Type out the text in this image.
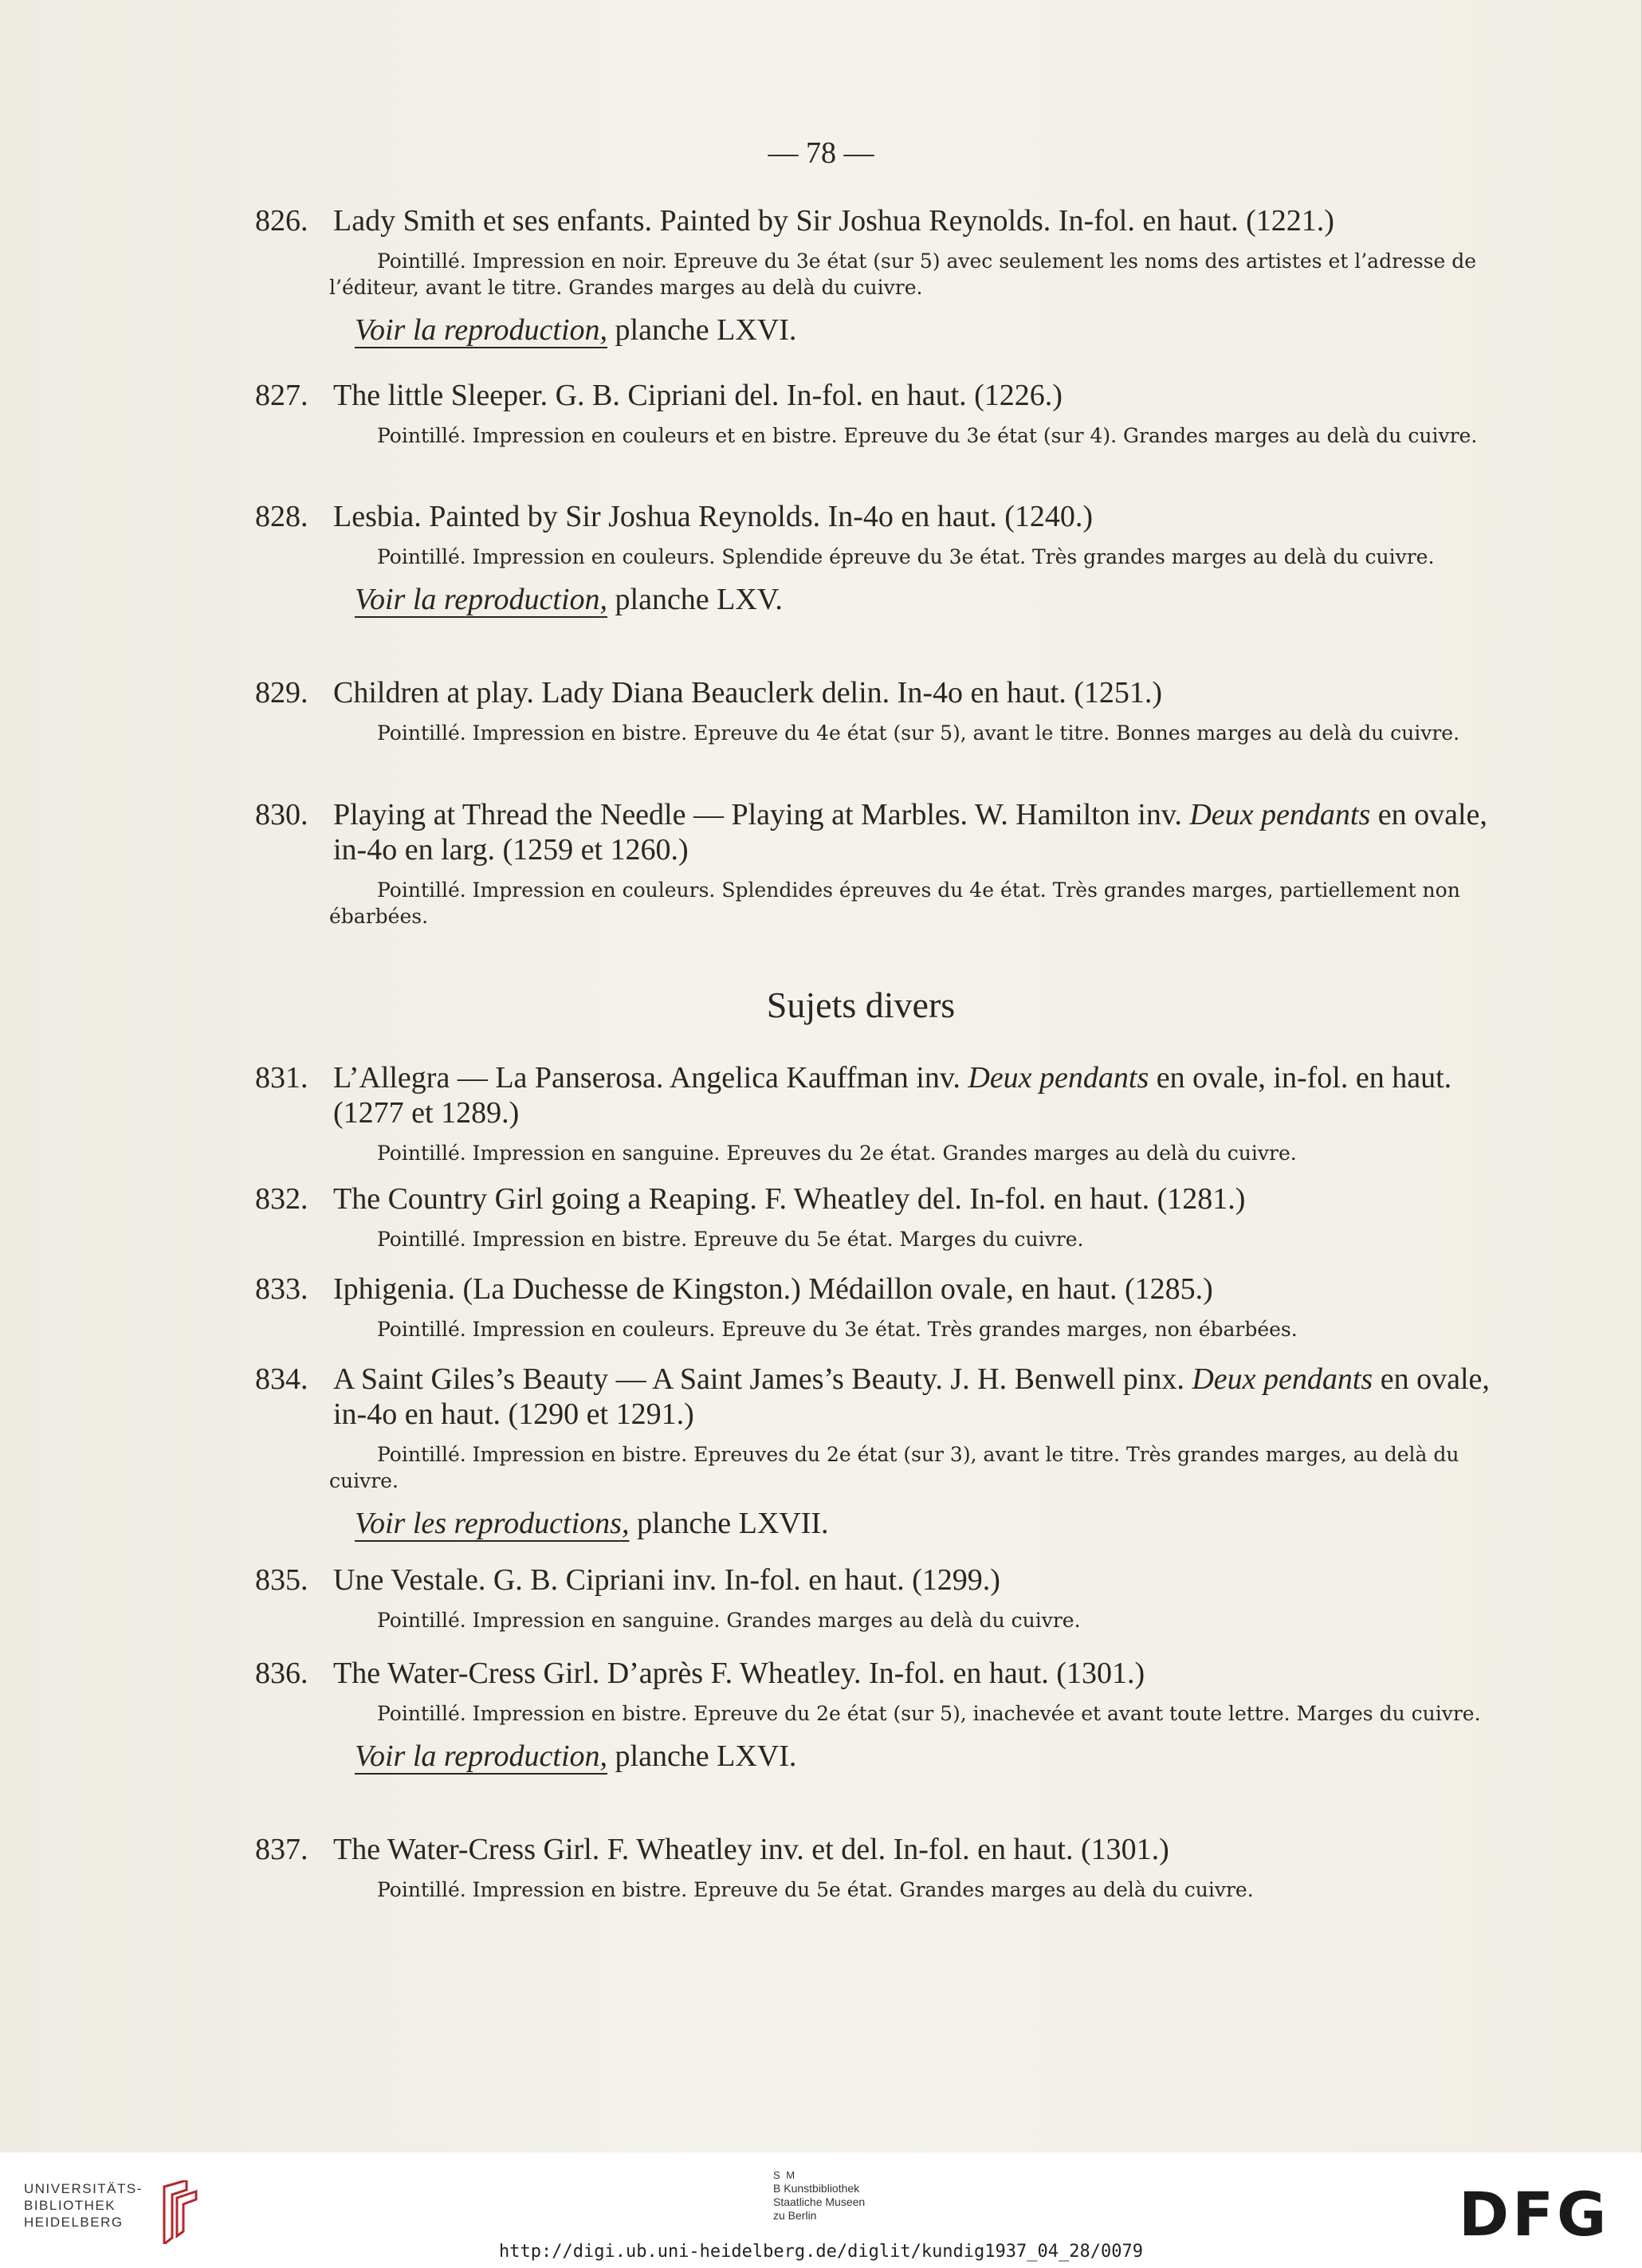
— 78 —
826. Lady Smith et ses enfants. Painted by Sir Joshua Reynolds. In-fol. en haut. (1221.)
Pointillé. Impression en noir. Epreuve du 3e état (sur 5) avec seulement les noms des artistes et l’adresse de l’éditeur, avant le titre. Grandes marges au delà du cuivre.
Voir la reproduction, planche LXVI.
827. The little Sleeper. G. B. Cipriani del. In-fol. en haut. (1226.)
Pointillé. Impression en couleurs et en bistre. Epreuve du 3e état (sur 4). Grandes marges au delà du cuivre.
828. Lesbia. Painted by Sir Joshua Reynolds. In-4o en haut. (1240.)
Pointillé. Impression en couleurs. Splendide épreuve du 3e état. Très grandes marges au delà du cuivre.
Voir la reproduction, planche LXV.
829. Children at play. Lady Diana Beauclerk delin. In-4o en haut. (1251.)
Pointillé. Impression en bistre. Epreuve du 4e état (sur 5), avant le titre. Bonnes marges au delà du cuivre.
830. Playing at Thread the Needle — Playing at Marbles. W. Hamilton inv. Deux pendants en ovale, in-4o en larg. (1259 et 1260.)
Pointillé. Impression en couleurs. Splendides épreuves du 4e état. Très grandes marges, partiellement non ébarbées.
Sujets divers
831. L’Allegra — La Panserosa. Angelica Kauffman inv. Deux pendants en ovale, in-fol. en haut. (1277 et 1289.)
Pointillé. Impression en sanguine. Epreuves du 2e état. Grandes marges au delà du cuivre.
832. The Country Girl going a Reaping. F. Wheatley del. In-fol. en haut. (1281.)
Pointillé. Impression en bistre. Epreuve du 5e état. Marges du cuivre.
833. Iphigenia. (La Duchesse de Kingston.) Médaillon ovale, en haut. (1285.)
Pointillé. Impression en couleurs. Epreuve du 3e état. Très grandes marges, non ébarbées.
834. A Saint Giles’s Beauty — A Saint James’s Beauty. J. H. Benwell pinx. Deux pendants en ovale, in-4o en haut. (1290 et 1291.)
Pointillé. Impression en bistre. Epreuves du 2e état (sur 3), avant le titre. Très grandes marges, au delà du cuivre.
Voir les reproductions, planche LXVII.
835. Une Vestale. G. B. Cipriani inv. In-fol. en haut. (1299.)
Pointillé. Impression en sanguine. Grandes marges au delà du cuivre.
836. The Water-Cress Girl. D’après F. Wheatley. In-fol. en haut. (1301.)
Pointillé. Impression en bistre. Epreuve du 2e état (sur 5), inachevée et avant toute lettre. Marges du cuivre.
Voir la reproduction, planche LXVI.
837. The Water-Cress Girl. F. Wheatley inv. et del. In-fol. en haut. (1301.)
Pointillé. Impression en bistre. Epreuve du 5e état. Grandes marges au delà du cuivre.
UNIVERSITÄTS-
BIBLIOTHEK
HEIDELBERG
S M
B Kunstbibliothek
Staatliche Museen
zu Berlin	DFG
http://digi.ub.uni-heidelberg.de/diglit/kundig1937_04_28/0079
